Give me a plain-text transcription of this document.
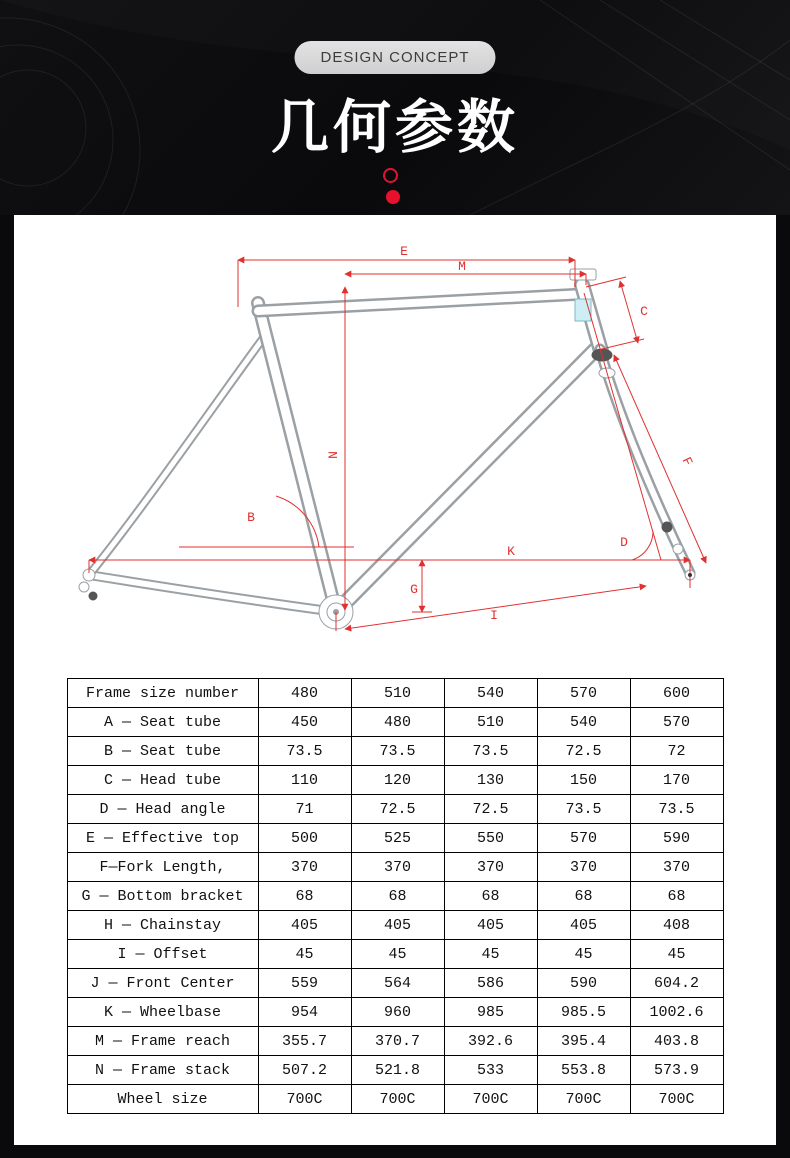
DESIGN CONCEPT
几何参数
E
M
C
N
B
K
G
D
F
I
Frame size number	480	510	540	570	600
A — Seat tube	450	480	510	540	570
B — Seat tube	73.5	73.5	73.5	72.5	72
C — Head tube	110	120	130	150	170
D — Head angle	71	72.5	72.5	73.5	73.5
E — Effective top	500	525	550	570	590
F—Fork Length,	370	370	370	370	370
G — Bottom bracket	68	68	68	68	68
H — Chainstay	405	405	405	405	408
I — Offset	45	45	45	45	45
J — Front Center	559	564	586	590	604.2
K — Wheelbase	954	960	985	985.5	1002.6
M — Frame reach	355.7	370.7	392.6	395.4	403.8
N — Frame stack	507.2	521.8	533	553.8	573.9
Wheel size	700C	700C	700C	700C	700C
